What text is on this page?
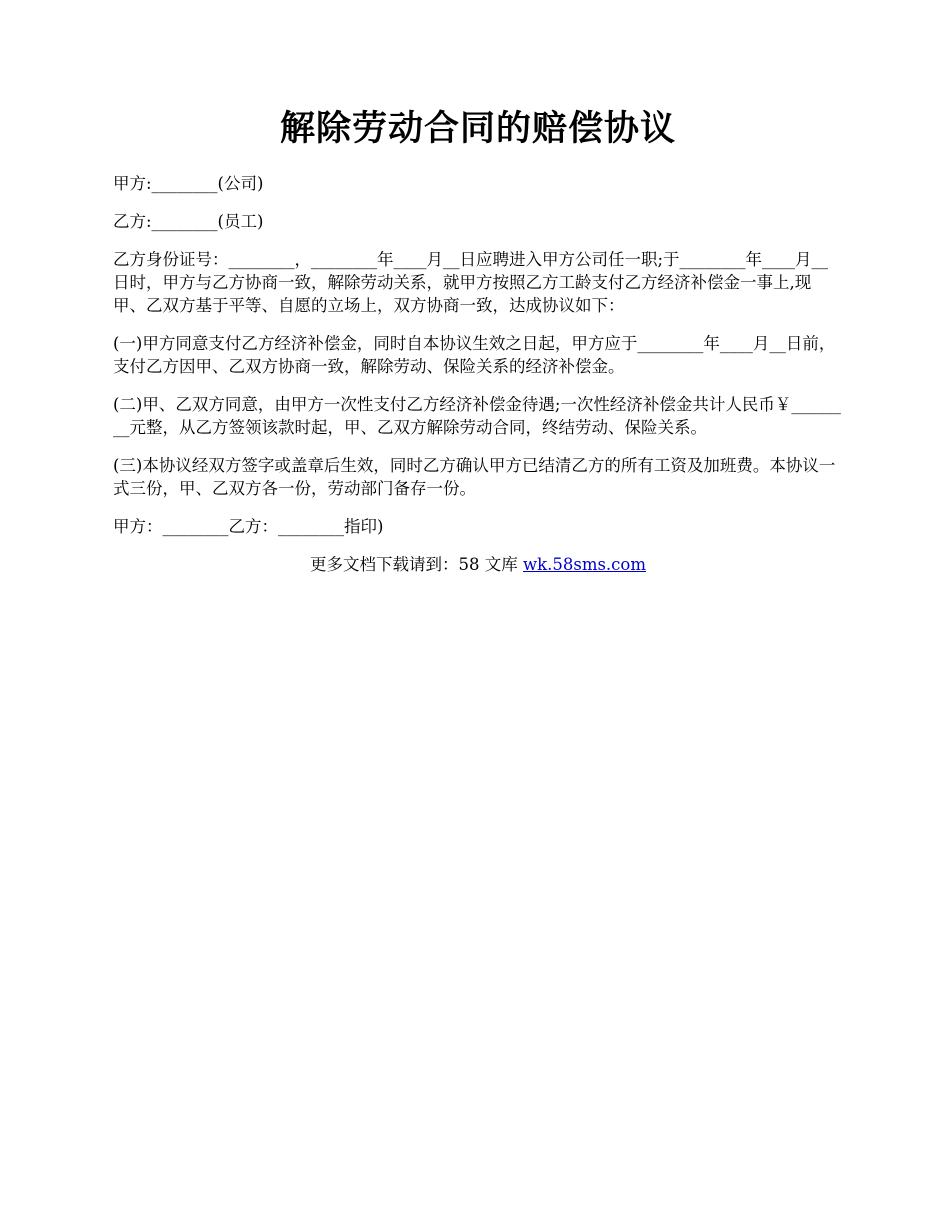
解除劳动合同的赔偿协议

甲方:________(公司)

乙方:________(员工)

乙方身份证号：________，________年____月__日应聘进入甲方公司任一职;于________年____月__日时，甲方与乙方协商一致，解除劳动关系，就甲方按照乙方工龄支付乙方经济补偿金一事上,现甲、乙双方基于平等、自愿的立场上，双方协商一致，达成协议如下：

(一)甲方同意支付乙方经济补偿金，同时自本协议生效之日起，甲方应于________年____月__日前，支付乙方因甲、乙双方协商一致，解除劳动、保险关系的经济补偿金。

(二)甲、乙双方同意，由甲方一次性支付乙方经济补偿金待遇;一次性经济补偿金共计人民币￥________元整，从乙方签领该款时起，甲、乙双方解除劳动合同，终结劳动、保险关系。

(三)本协议经双方签字或盖章后生效，同时乙方确认甲方已结清乙方的所有工资及加班费。本协议一式三份，甲、乙双方各一份，劳动部门备存一份。

甲方：________乙方：________指印)

更多文档下载请到：58 文库 wk.58sms.com
